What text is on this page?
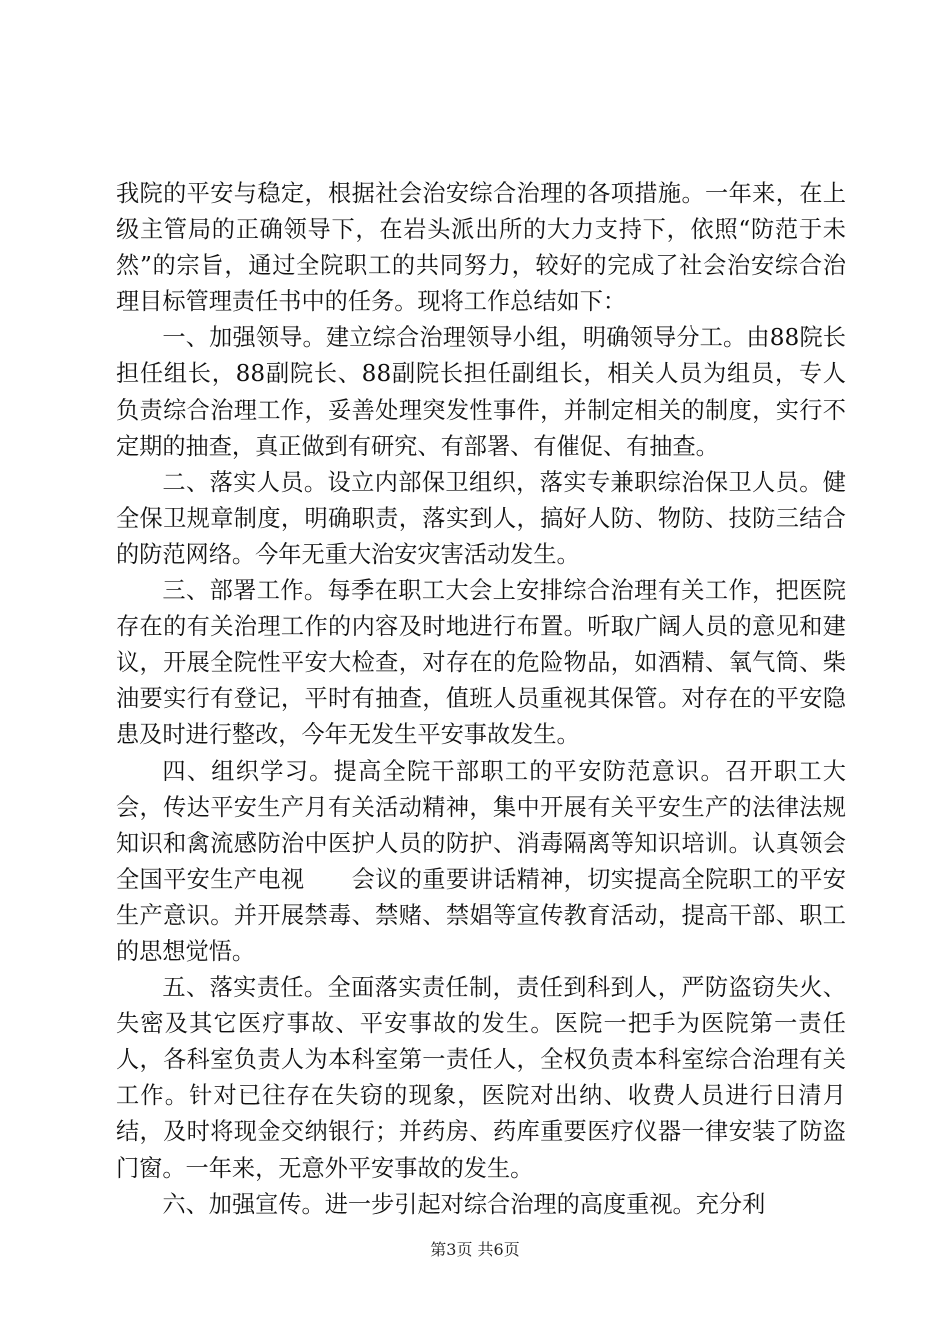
我院的平安与稳定，根据社会治安综合治理的各项措施。一年来，在上级主管局的正确领导下，在岩头派出所的大力支持下，依照“防范于未然”的宗旨，通过全院职工的共同努力，较好的完成了社会治安综合治理目标管理责任书中的任务。现将工作总结如下：

一、加强领导。建立综合治理领导小组，明确领导分工。由88院长担任组长，88副院长、88副院长担任副组长，相关人员为组员，专人负责综合治理工作，妥善处理突发性事件，并制定相关的制度，实行不定期的抽查，真正做到有研究、有部署、有催促、有抽查。

二、落实人员。设立内部保卫组织，落实专兼职综治保卫人员。健全保卫规章制度，明确职责，落实到人，搞好人防、物防、技防三结合的防范网络。今年无重大治安灾害活动发生。

三、部署工作。每季在职工大会上安排综合治理有关工作，把医院存在的有关治理工作的内容及时地进行布置。听取广阔人员的意见和建议，开展全院性平安大检查，对存在的危险物品，如酒精、氧气筒、柴油要实行有登记，平时有抽查，值班人员重视其保管。对存在的平安隐患及时进行整改，今年无发生平安事故发生。

四、组织学习。提高全院干部职工的平安防范意识。召开职工大会，传达平安生产月有关活动精神，集中开展有关平安生产的法律法规知识和禽流感防治中医护人员的防护、消毒隔离等知识培训。认真领会全国平安生产电视　　会议的重要讲话精神，切实提高全院职工的平安生产意识。并开展禁毒、禁赌、禁娼等宣传教育活动，提高干部、职工的思想觉悟。

五、落实责任。全面落实责任制，责任到科到人，严防盗窃失火、失密及其它医疗事故、平安事故的发生。医院一把手为医院第一责任人，各科室负责人为本科室第一责任人，全权负责本科室综合治理有关工作。针对已往存在失窃的现象，医院对出纳、收费人员进行日清月结，及时将现金交纳银行；并药房、药库重要医疗仪器一律安装了防盗门窗。一年来，无意外平安事故的发生。

六、加强宣传。进一步引起对综合治理的高度重视。充分利

第3页 共6页
